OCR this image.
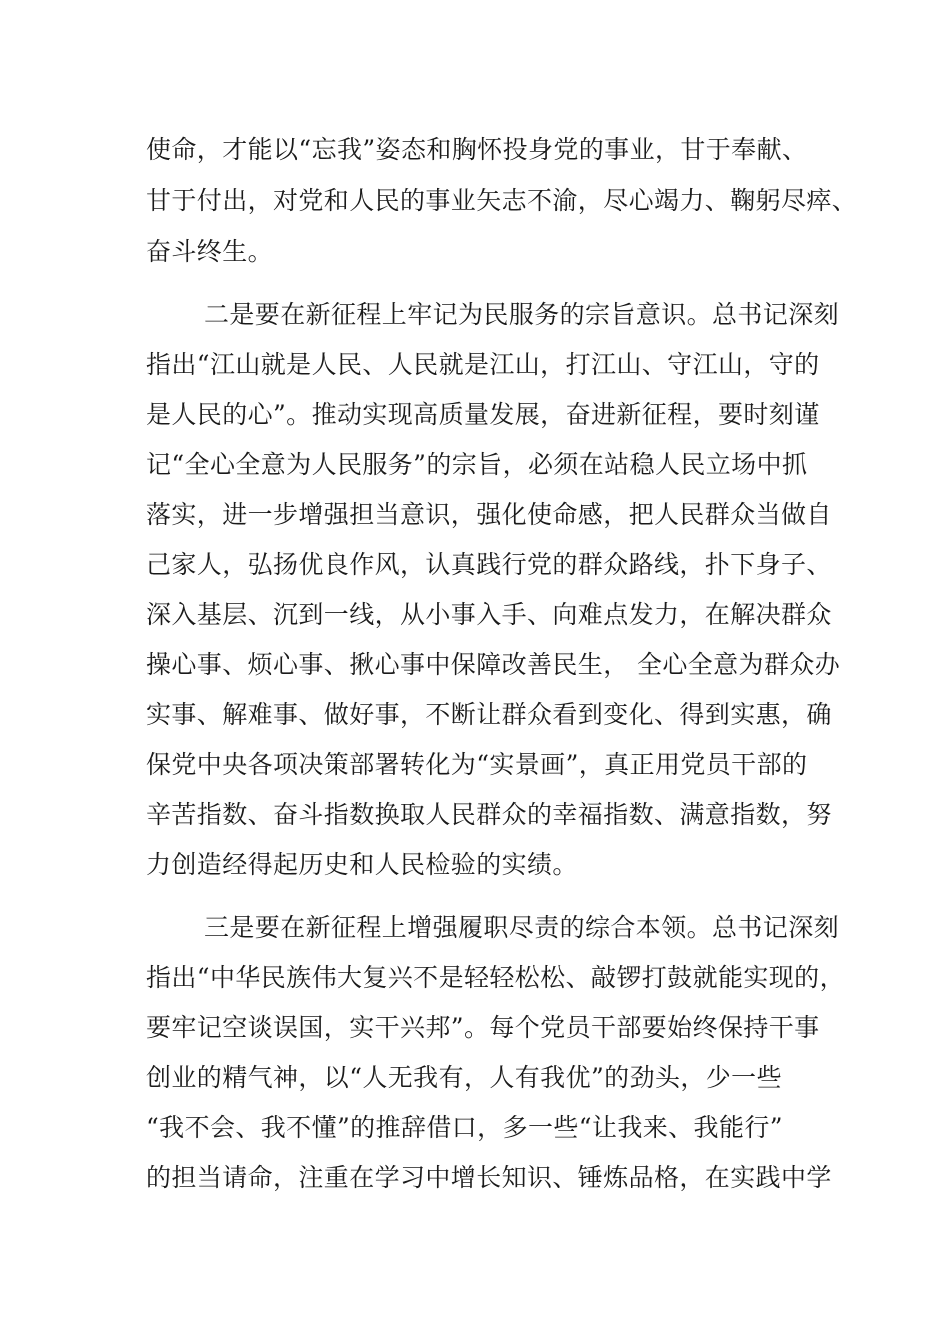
使命，才能以“忘我”姿态和胸怀投身党的事业，甘于奉献、
甘于付出，对党和人民的事业矢志不渝，尽心竭力、鞠躬尽瘁、
奋斗终生。
二是要在新征程上牢记为民服务的宗旨意识。总书记深刻
指出“江山就是人民、人民就是江山，打江山、守江山，守的
是人民的心”。推动实现高质量发展，奋进新征程，要时刻谨
记“全心全意为人民服务”的宗旨，必须在站稳人民立场中抓
落实，进一步增强担当意识，强化使命感，把人民群众当做自
己家人，弘扬优良作风，认真践行党的群众路线，扑下身子、
深入基层、沉到一线，从小事入手、向难点发力，在解决群众
操心事、烦心事、揪心事中保障改善民生， 全心全意为群众办
实事、解难事、做好事，不断让群众看到变化、得到实惠，确
保党中央各项决策部署转化为“实景画”，真正用党员干部的
辛苦指数、奋斗指数换取人民群众的幸福指数、满意指数，努
力创造经得起历史和人民检验的实绩。
三是要在新征程上增强履职尽责的综合本领。总书记深刻
指出“中华民族伟大复兴不是轻轻松松、敲锣打鼓就能实现的，
要牢记空谈误国，实干兴邦”。每个党员干部要始终保持干事
创业的精气神，以“人无我有，人有我优”的劲头，少一些
“我不会、我不懂”的推辞借口，多一些“让我来、我能行”
的担当请命，注重在学习中增长知识、锤炼品格，在实践中学
